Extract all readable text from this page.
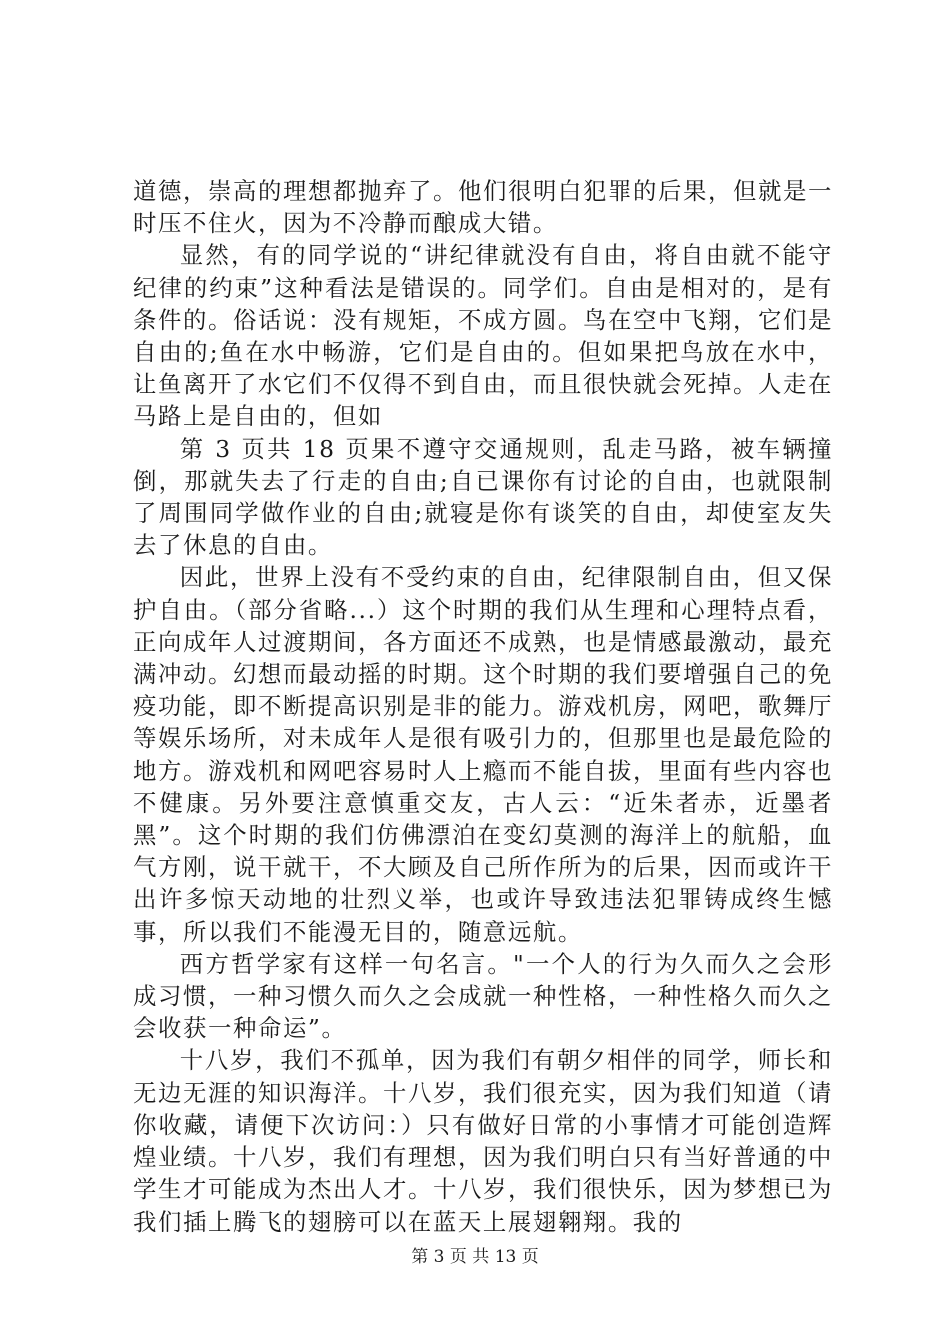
道德，崇高的理想都抛弃了。他们很明白犯罪的后果，但就是一时压不住火，因为不冷静而酿成大错。

显然，有的同学说的“讲纪律就没有自由，将自由就不能守纪律的约束”这种看法是错误的。同学们。自由是相对的，是有条件的。俗话说：没有规矩，不成方圆。鸟在空中飞翔，它们是自由的;鱼在水中畅游，它们是自由的。但如果把鸟放在水中，让鱼离开了水它们不仅得不到自由，而且很快就会死掉。人走在马路上是自由的，但如

第 3 页共 18 页果不遵守交通规则，乱走马路，被车辆撞倒，那就失去了行走的自由;自已课你有讨论的自由，也就限制了周围同学做作业的自由;就寝是你有谈笑的自由，却使室友失去了休息的自由。

因此，世界上没有不受约束的自由，纪律限制自由，但又保护自由。（部分省略...）这个时期的我们从生理和心理特点看，正向成年人过渡期间，各方面还不成熟，也是情感最激动，最充满冲动。幻想而最动摇的时期。这个时期的我们要增强自己的免疫功能，即不断提高识别是非的能力。游戏机房，网吧，歌舞厅等娱乐场所，对未成年人是很有吸引力的，但那里也是最危险的地方。游戏机和网吧容易时人上瘾而不能自拔，里面有些内容也不健康。另外要注意慎重交友，古人云：“近朱者赤，近墨者黑”。这个时期的我们仿佛漂泊在变幻莫测的海洋上的航船，血气方刚，说干就干，不大顾及自己所作所为的后果，因而或许干出许多惊天动地的壮烈义举，也或许导致违法犯罪铸成终生憾事，所以我们不能漫无目的，随意远航。

西方哲学家有这样一句名言。"一个人的行为久而久之会形成习惯，一种习惯久而久之会成就一种性格，一种性格久而久之会收获一种命运”。

十八岁，我们不孤单，因为我们有朝夕相伴的同学，师长和无边无涯的知识海洋。十八岁，我们很充实，因为我们知道（请你收藏，请便下次访问：）只有做好日常的小事情才可能创造辉煌业绩。十八岁，我们有理想，因为我们明白只有当好普通的中学生才可能成为杰出人才。十八岁，我们很快乐，因为梦想已为我们插上腾飞的翅膀可以在蓝天上展翅翱翔。我的

第 3 页 共 13 页
